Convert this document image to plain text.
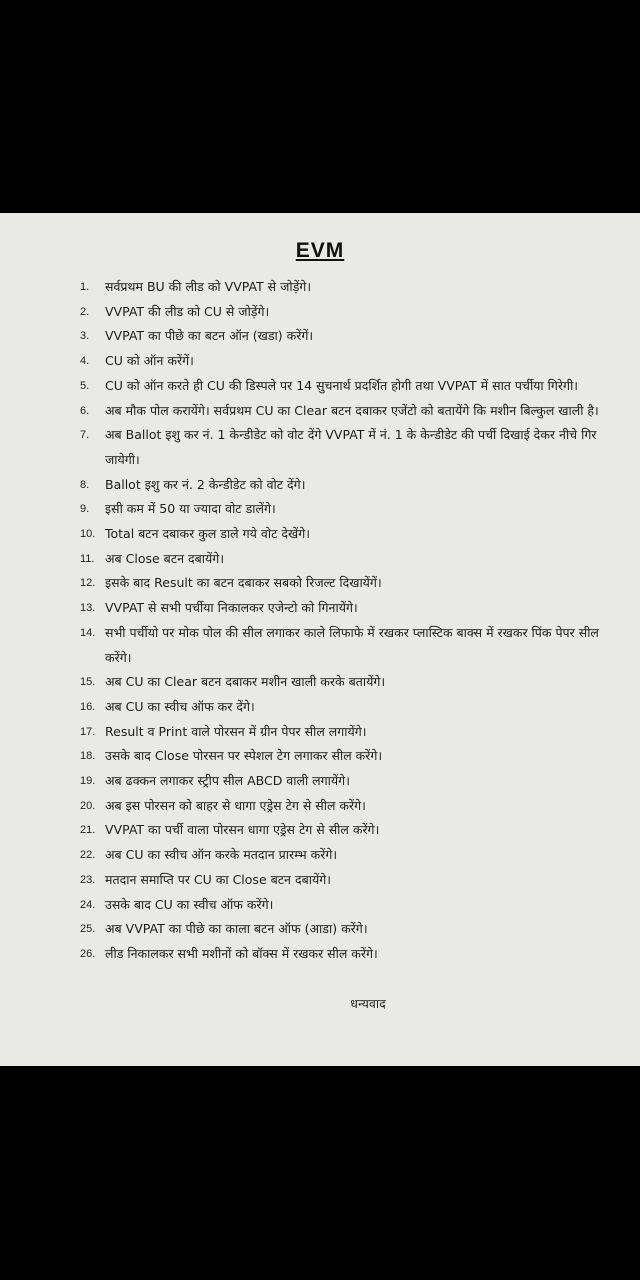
EVM
1.	सर्वप्रथम BU की लीड को VVPAT से जोड़ेंगे।
2.	VVPAT की लीड को CU से जोड़ेंगे।
3.	VVPAT का पीछे का बटन ऑन (खडा) करेंगें।
4.	CU को ऑन करेंगें।
5.	CU को ऑन करते ही CU की डिस्पले पर 14 सुचनार्थ प्रदर्शित होगी तथा VVPAT में सात पर्चीया गिरेगी।
6.	अब मौक पोल करायेंगे। सर्वप्रथम CU का Clear बटन दबाकर एजेंटो को बतायेंगे कि मशीन बिल्कुल खाली है।
7.	अब Ballot इशु कर नं. 1 केन्डीडेट को वोट देंगे VVPAT में नं. 1 के केन्डीडेट की पर्ची दिखाई देकर नीचे गिर जायेगी।
8.	Ballot इशु कर नं. 2 केन्डीडेट को वोट देंगे।
9.	इसी कम में 50 या ज्यादा वोट डालेंगे।
10. Total बटन दबाकर कुल डाले गये वोट देखेंगे।
11. अब Close बटन दबायेंगे।
12. इसके बाद Result का बटन दबाकर सबको रिजल्ट दिखायेंगें।
13. VVPAT से सभी पर्चीया निकालकर एजेन्टो को गिनायेंगे।
14. सभी पर्चीयो पर मोक पोल की सील लगाकर काले लिफाफे में रखकर प्लास्टिक बाक्स में रखकर पिंक पेपर सील करेंगे।
15. अब CU का Clear बटन दबाकर मशीन खाली करके बतायेंगे।
16. अब CU का स्वीच ऑफ कर देंगे।
17. Result व Print वाले पोरसन में ग्रीन पेपर सील लगायेंगे।
18. उसके बाद Close पोरसन पर स्पेशल टेग लगाकर सील करेंगे।
19. अब ढक्कन लगाकर स्ट्रीप सील ABCD वाली लगायेंगे।
20. अब इस पोरसन को बाहर से धागा एड्रेस टेग से सील करेंगे।
21. VVPAT का पर्ची वाला पोरसन धागा एड्रेस टेग से सील करेंगे।
22. अब CU का स्वीच ऑन करके मतदान प्रारम्भ करेंगे।
23. मतदान समाप्ति पर CU का Close बटन दबायेंगे।
24. उसके बाद CU का स्वीच ऑफ करेंगे।
25. अब VVPAT का पीछे का काला बटन ऑफ (आडा) करेंगे।
26. लीड निकालकर सभी मशीनों को बॉक्स में रखकर सील करेंगे।
धन्यवाद
